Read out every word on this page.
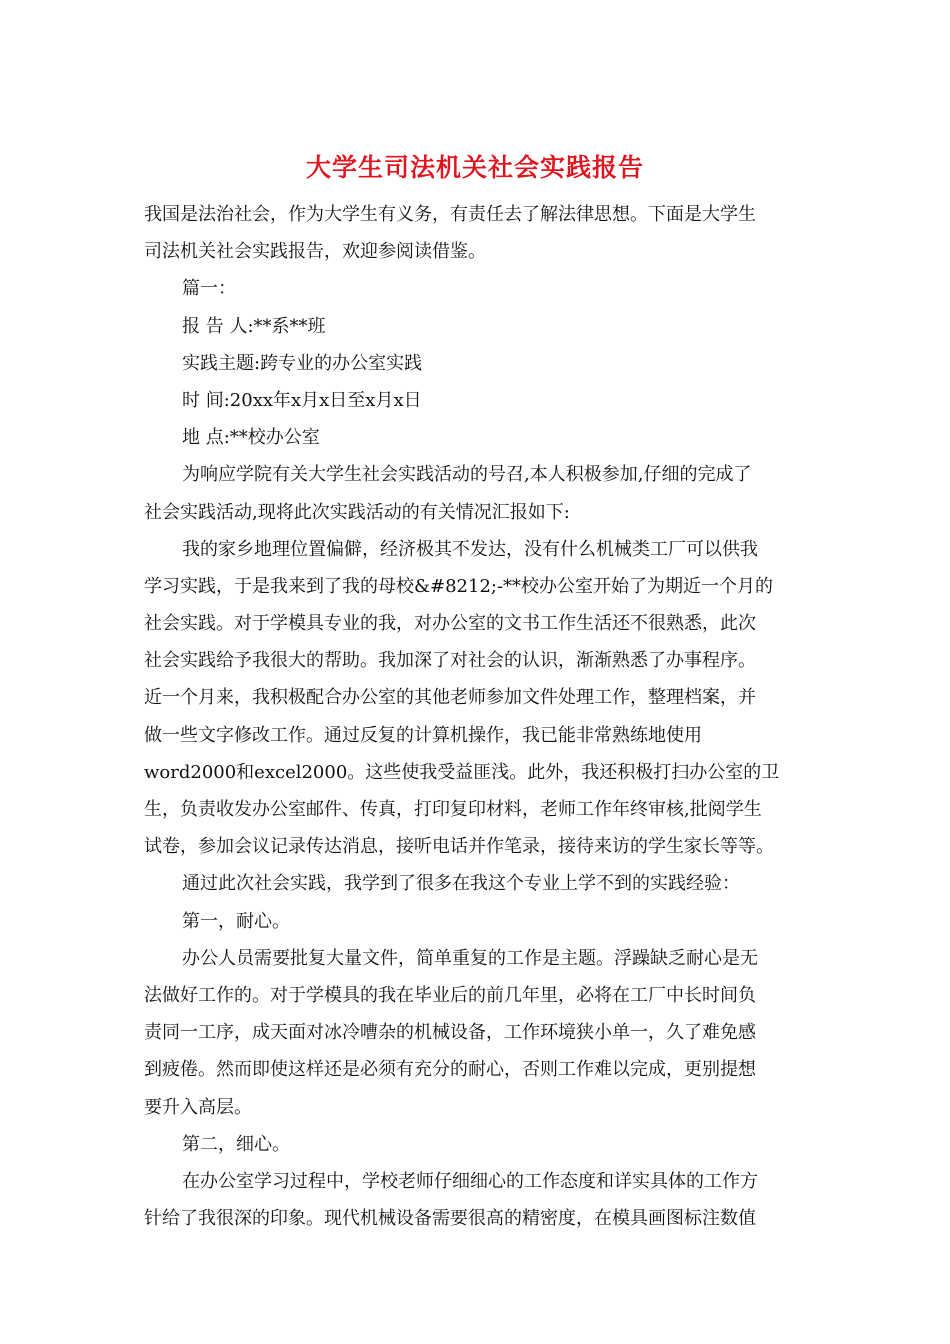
大学生司法机关社会实践报告
我国是法治社会，作为大学生有义务，有责任去了解法律思想。下面是大学生
司法机关社会实践报告，欢迎参阅读借鉴。
篇一：
报 告 人:**系**班
实践主题:跨专业的办公室实践
时 间:20xx年x月x日至x月x日
地 点:**校办公室
为响应学院有关大学生社会实践活动的号召,本人积极参加,仔细的完成了
社会实践活动,现将此次实践活动的有关情况汇报如下:
我的家乡地理位置偏僻，经济极其不发达，没有什么机械类工厂可以供我
学习实践，于是我来到了我的母校&#8212;-**校办公室开始了为期近一个月的
社会实践。对于学模具专业的我，对办公室的文书工作生活还不很熟悉，此次
社会实践给予我很大的帮助。我加深了对社会的认识，渐渐熟悉了办事程序。
近一个月来，我积极配合办公室的其他老师参加文件处理工作，整理档案，并
做一些文字修改工作。通过反复的计算机操作，我已能非常熟练地使用
word2000和excel2000。这些使我受益匪浅。此外，我还积极打扫办公室的卫
生，负责收发办公室邮件、传真，打印复印材料，老师工作年终审核,批阅学生
试卷，参加会议记录传达消息，接听电话并作笔录，接待来访的学生家长等等。
通过此次社会实践，我学到了很多在我这个专业上学不到的实践经验：
第一，耐心。
办公人员需要批复大量文件，简单重复的工作是主题。浮躁缺乏耐心是无
法做好工作的。对于学模具的我在毕业后的前几年里，必将在工厂中长时间负
责同一工序，成天面对冰冷嘈杂的机械设备，工作环境狭小单一，久了难免感
到疲倦。然而即使这样还是必须有充分的耐心，否则工作难以完成，更别提想
要升入高层。
第二，细心。
在办公室学习过程中，学校老师仔细细心的工作态度和详实具体的工作方
针给了我很深的印象。现代机械设备需要很高的精密度，在模具画图标注数值
